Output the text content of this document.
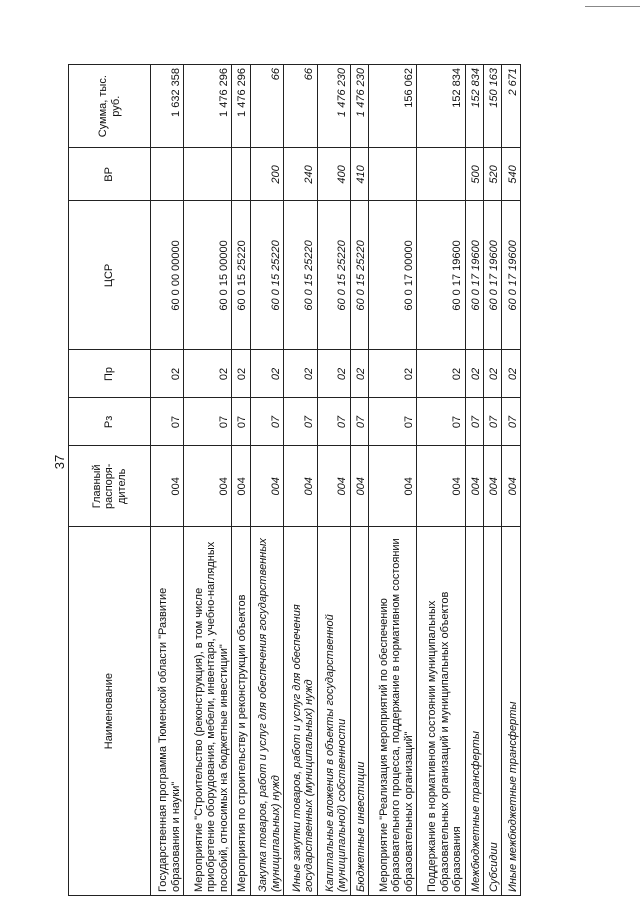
37
Наименование	Главный распоря-дитель	Рз	Пр	ЦСР	ВР	Сумма, тыс. руб.
Государственная программа Тюменской области "Развитие образования и науки"	004	07	02	60 0 00 00000		1 632 358
Мероприятие "Строительство (реконструкция), в том числе приобретение оборудования, мебели, инвентаря, учебно-наглядных пособий, относимых на бюджетные инвестиции"	004	07	02	60 0 15 00000		1 476 296
Мероприятия по строительству и реконструкции объектов	004	07	02	60 0 15 25220		1 476 296
Закупка товаров, работ и услуг для обеспечения государственных (муниципальных) нужд	004	07	02	60 0 15 25220	200	66
Иные закупки товаров, работ и услуг для обеспечения государственных (муниципальных) нужд	004	07	02	60 0 15 25220	240	66
Капитальные вложения в объекты государственной (муниципальной) собственности	004	07	02	60 0 15 25220	400	1 476 230
Бюджетные инвестиции	004	07	02	60 0 15 25220	410	1 476 230
Мероприятие "Реализация мероприятий по обеспечению образовательного процесса, поддержание в нормативном состоянии образовательных организаций"	004	07	02	60 0 17 00000		156 062
Поддержание в нормативном состоянии муниципальных образовательных организаций и муниципальных объектов образования	004	07	02	60 0 17 19600		152 834
Межбюджетные трансферты	004	07	02	60 0 17 19600	500	152 834
Субсидии	004	07	02	60 0 17 19600	520	150 163
Иные межбюджетные трансферты	004	07	02	60 0 17 19600	540	2 671
